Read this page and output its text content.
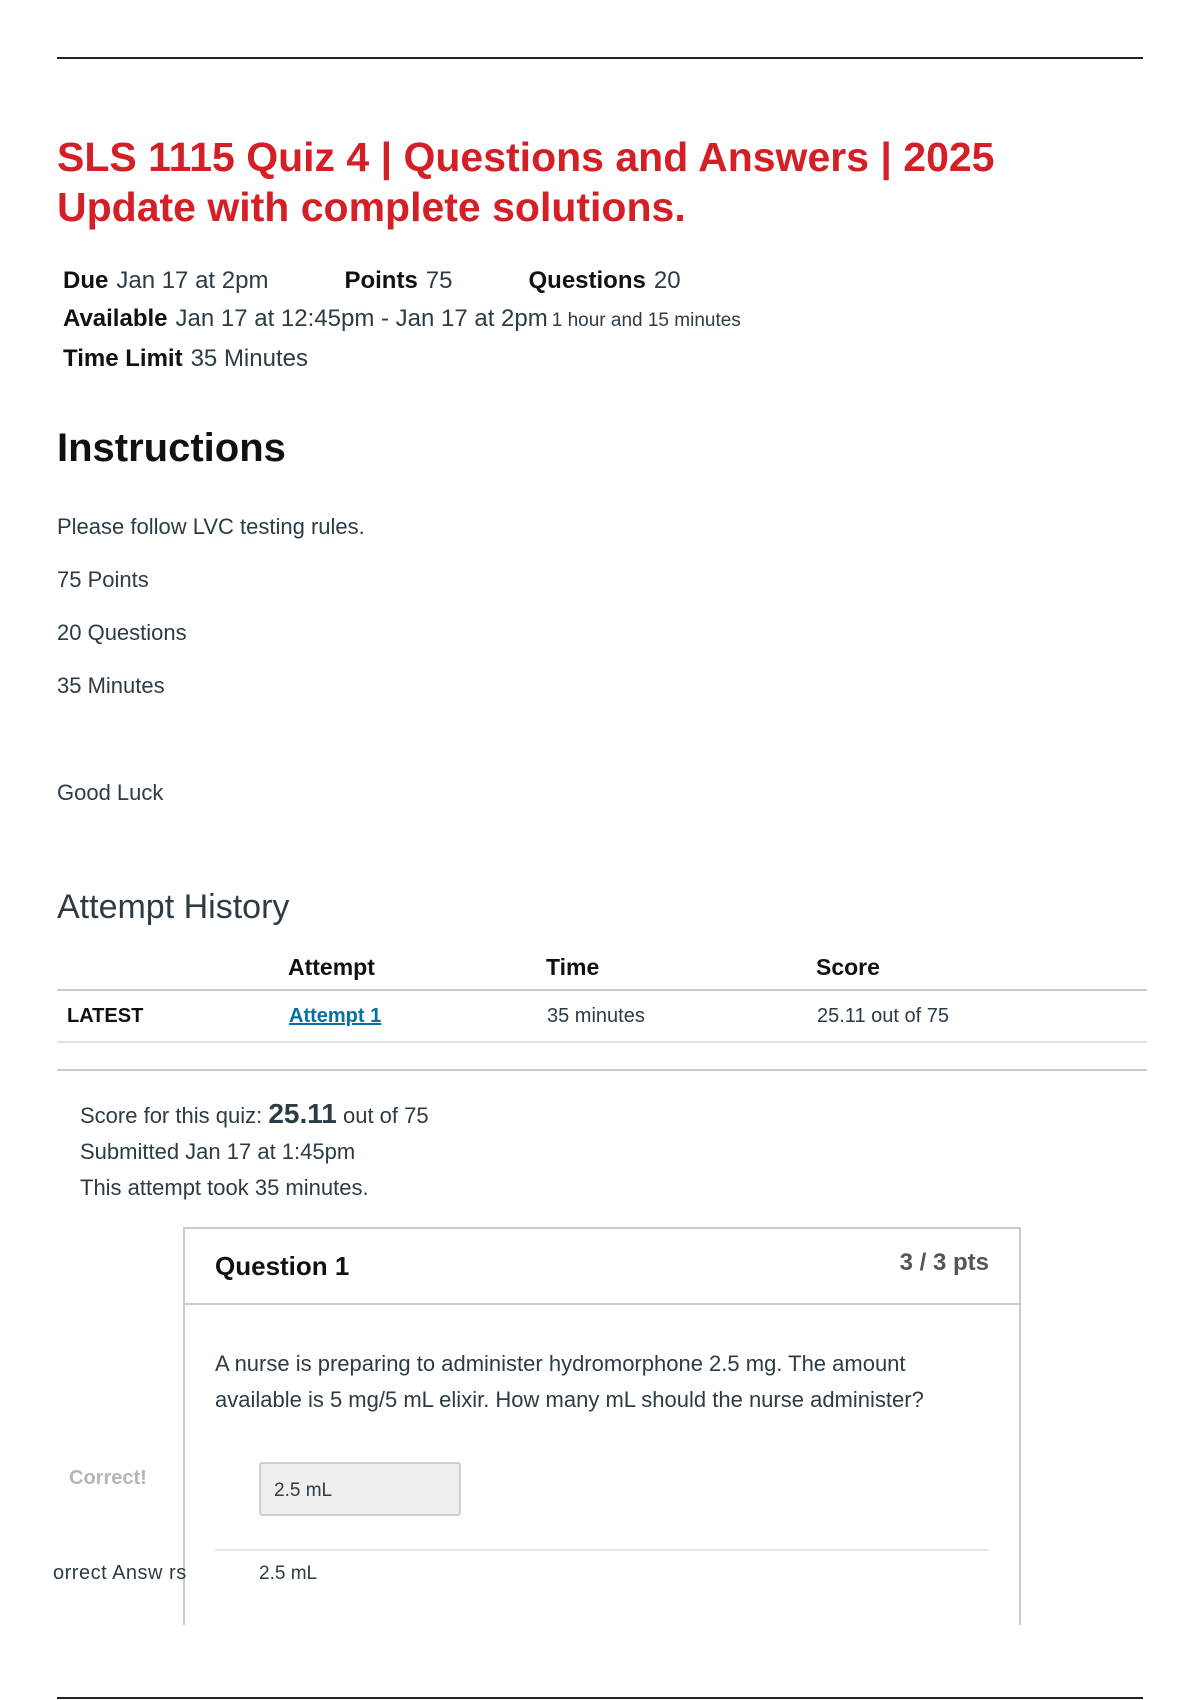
SLS 1115 Quiz 4 | Questions and Answers | 2025 Update with complete solutions.
Due Jan 17 at 2pm	Points 75	Questions 20
Available Jan 17 at 12:45pm - Jan 17 at 2pm 1 hour and 15 minutes
Time Limit 35 Minutes
Instructions
Please follow LVC testing rules.
75 Points
20 Questions
35 Minutes
Good Luck
Attempt History
	Attempt	Time	Score
LATEST	Attempt 1	35 minutes	25.11 out of 75
Score for this quiz: 25.11 out of 75
Submitted Jan 17 at 1:45pm
This attempt took 35 minutes.
Question 1	3 / 3 pts
A nurse is preparing to administer hydromorphone 2.5 mg. The amount available is 5 mg/5 mL elixir. How many mL should the nurse administer?
2.5 mL
2.5 mL
Correct!
orrect Answ rs
